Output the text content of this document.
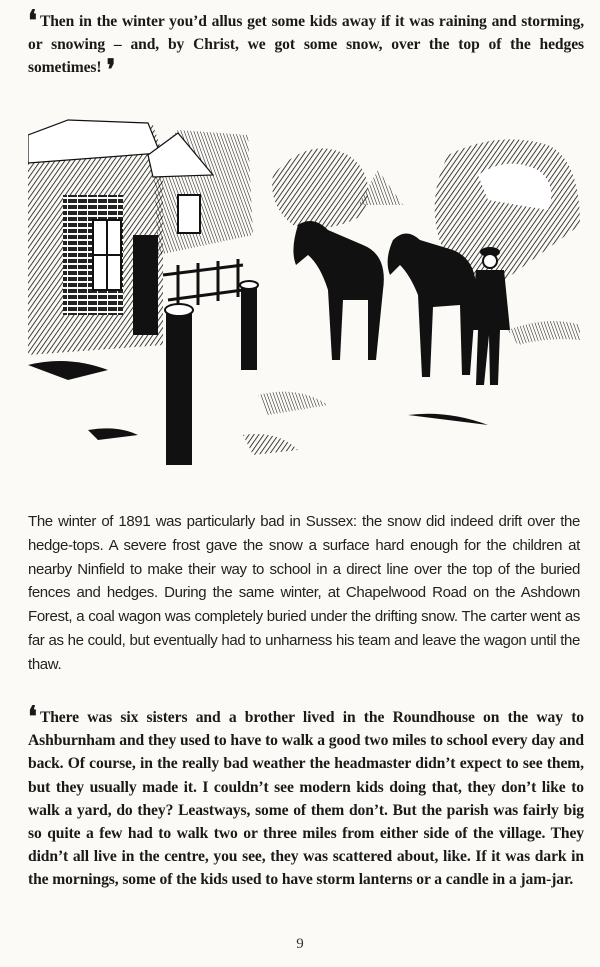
❛ Then in the winter you’d allus get some kids away if it was raining and storming, or snowing – and, by Christ, we got some snow, over the top of the hedges sometimes! ❜
The winter of 1891 was particularly bad in Sussex: the snow did indeed drift over the hedge-tops. A severe frost gave the snow a surface hard enough for the children at nearby Ninfield to make their way to school in a direct line over the top of the buried fences and hedges. During the same winter, at Chapelwood Road on the Ashdown Forest, a coal wagon was completely buried under the drifting snow. The carter went as far as he could, but eventually had to unharness his team and leave the wagon until the thaw.
❛ There was six sisters and a brother lived in the Roundhouse on the way to Ashburnham and they used to have to walk a good two miles to school every day and back. Of course, in the really bad weather the headmaster didn’t expect to see them, but they usually made it. I couldn’t see modern kids doing that, they don’t like to walk a yard, do they? Leastways, some of them don’t. But the parish was fairly big so quite a few had to walk two or three miles from either side of the village. They didn’t all live in the centre, you see, they was scattered about, like. If it was dark in the mornings, some of the kids used to have storm lanterns or a candle in a jam-jar.
9
